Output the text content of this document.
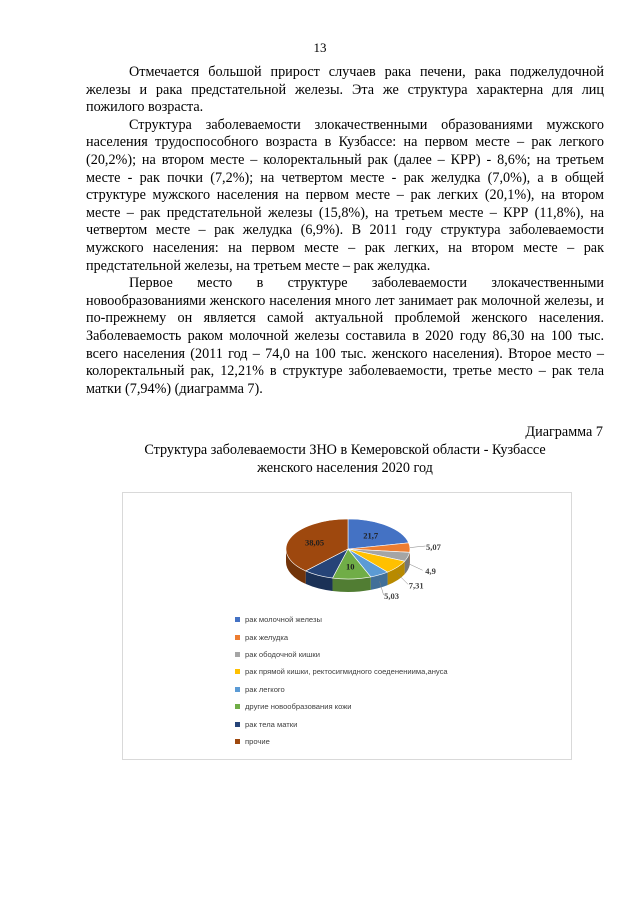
13

Отмечается большой прирост случаев рака печени, рака поджелудочной железы и рака предстательной железы. Эта же структура характерна для лиц пожилого возраста.

Структура заболеваемости злокачественными образованиями мужского населения трудоспособного возраста в Кузбассе: на первом месте – рак легкого (20,2%); на втором месте – колоректальный рак (далее – КРР) - 8,6%; на третьем месте - рак почки (7,2%); на четвертом месте - рак желудка (7,0%), а в общей структуре мужского населения на первом месте – рак легких (20,1%), на втором месте – рак предстательной железы (15,8%), на третьем месте – КРР (11,8%), на четвертом месте – рак желудка (6,9%). В 2011 году структура заболеваемости мужского населения: на первом месте – рак легких, на втором месте – рак предстательной железы, на третьем месте – рак желудка.

Первое место в структуре заболеваемости злокачественными новообразованиями женского населения много лет занимает рак молочной железы, и по-прежнему он является самой актуальной проблемой женского населения. Заболеваемость раком молочной железы составила в 2020 году 86,30 на 100 тыс. всего населения (2011 год – 74,0 на 100 тыс. женского населения). Второе место – колоректальный рак, 12,21% в структуре заболеваемости, третье место – рак тела матки (7,94%) (диаграмма 7).

Диаграмма 7
Структура заболеваемости ЗНО в Кемеровской области - Кузбассе
женского населения 2020 год
21,7
5,07
4,9
7,31
5,03
10
38,05
рак молочной железы
рак желудка
рак ободочной кишки
рак прямой кишки, ректосигмидного соеденениима,ануса
рак легкого
другие новообразования кожи
рак тела матки
прочие
